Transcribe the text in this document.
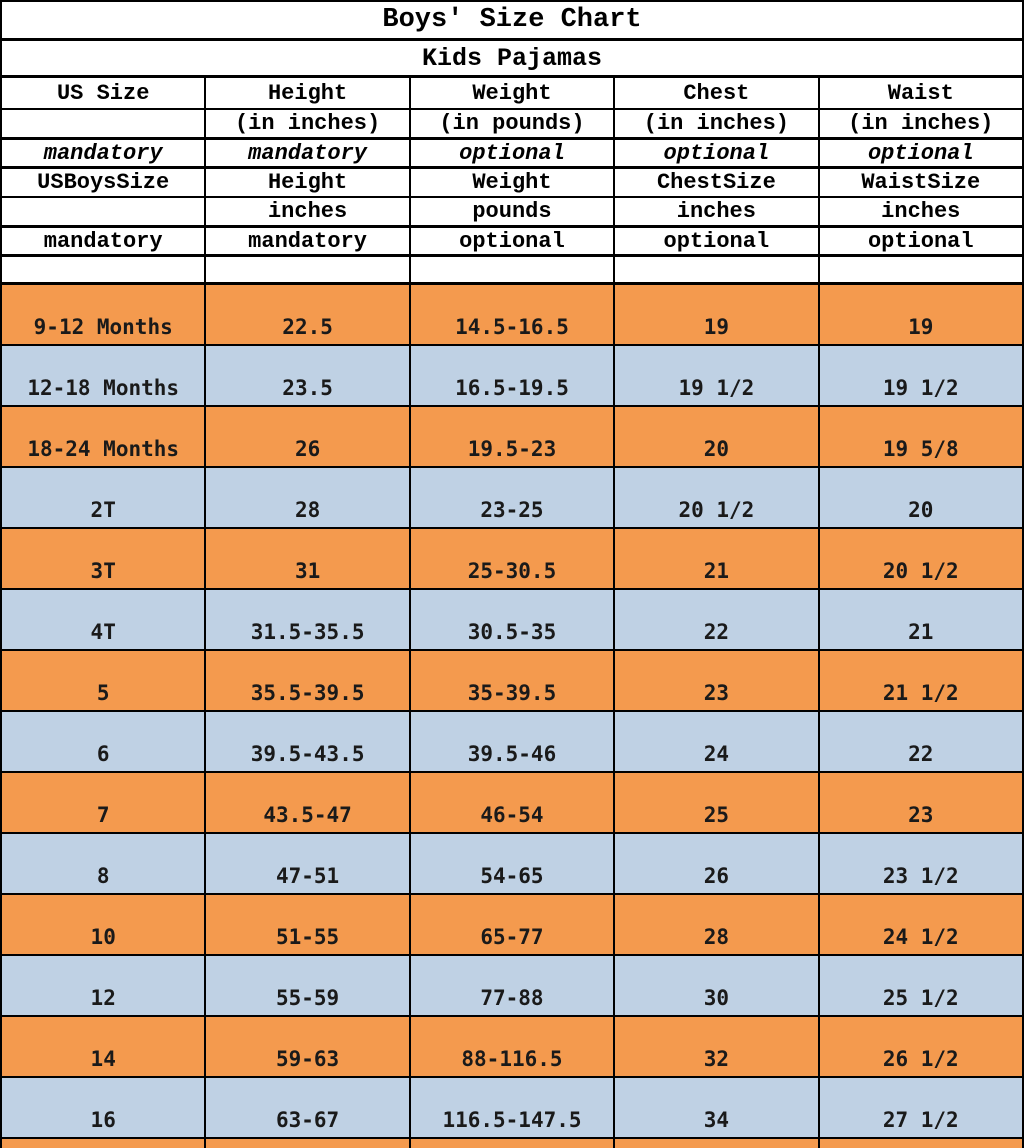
Boys' Size Chart				
Kids Pajamas				
US Size	Height	Weight	Chest	Waist
	(in inches)	(in pounds)	(in inches)	(in inches)
mandatory	mandatory	optional	optional	optional
USBoysSize	Height	Weight	ChestSize	WaistSize
	inches	pounds	inches	inches
mandatory	mandatory	optional	optional	optional

9-12 Months	22.5	14.5-16.5	19	19
12-18 Months	23.5	16.5-19.5	19 1/2	19 1/2
18-24 Months	26	19.5-23	20	19 5/8
2T	28	23-25	20 1/2	20
3T	31	25-30.5	21	20 1/2
4T	31.5-35.5	30.5-35	22	21
5	35.5-39.5	35-39.5	23	21 1/2
6	39.5-43.5	39.5-46	24	22
7	43.5-47	46-54	25	23
8	47-51	54-65	26	23 1/2
10	51-55	65-77	28	24 1/2
12	55-59	77-88	30	25 1/2
14	59-63	88-116.5	32	26 1/2
16	63-67	116.5-147.5	34	27 1/2
